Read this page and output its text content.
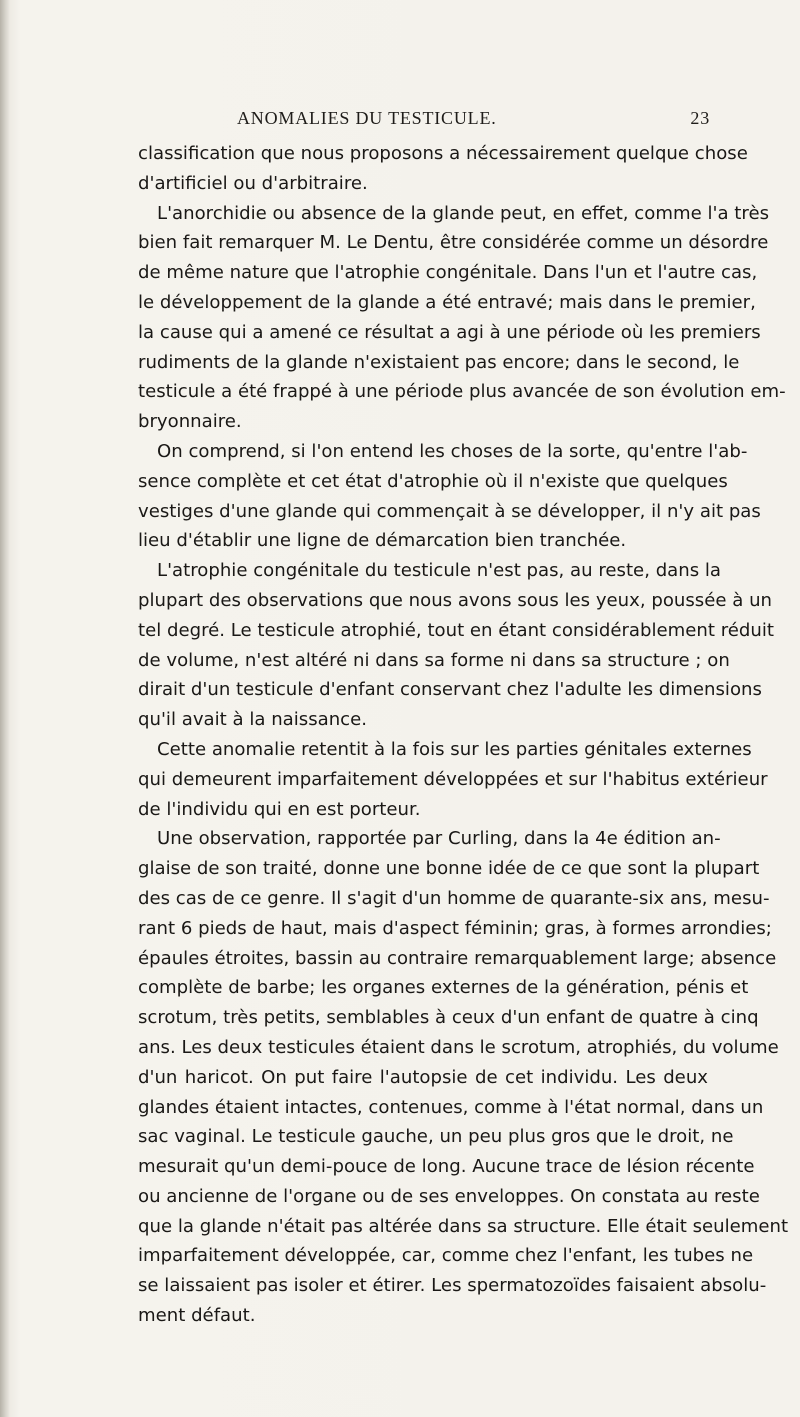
ANOMALIES DU TESTICULE.	23
classification que nous proposons a nécessairement quelque chose
d'artificiel ou d'arbitraire.
L'anorchidie ou absence de la glande peut, en effet, comme l'a très
bien fait remarquer M. Le Dentu, être considérée comme un désordre
de même nature que l'atrophie congénitale. Dans l'un et l'autre cas,
le développement de la glande a été entravé; mais dans le premier,
la cause qui a amené ce résultat a agi à une période où les premiers
rudiments de la glande n'existaient pas encore; dans le second, le
testicule a été frappé à une période plus avancée de son évolution em-
bryonnaire.
On comprend, si l'on entend les choses de la sorte, qu'entre l'ab-
sence complète et cet état d'atrophie où il n'existe que quelques
vestiges d'une glande qui commençait à se développer, il n'y ait pas
lieu d'établir une ligne de démarcation bien tranchée.
L'atrophie congénitale du testicule n'est pas, au reste, dans la
plupart des observations que nous avons sous les yeux, poussée à un
tel degré. Le testicule atrophié, tout en étant considérablement réduit
de volume, n'est altéré ni dans sa forme ni dans sa structure ; on
dirait d'un testicule d'enfant conservant chez l'adulte les dimensions
qu'il avait à la naissance.
Cette anomalie retentit à la fois sur les parties génitales externes
qui demeurent imparfaitement développées et sur l'habitus extérieur
de l'individu qui en est porteur.
Une observation, rapportée par Curling, dans la 4e édition an-
glaise de son traité, donne une bonne idée de ce que sont la plupart
des cas de ce genre. Il s'agit d'un homme de quarante-six ans, mesu-
rant 6 pieds de haut, mais d'aspect féminin; gras, à formes arrondies;
épaules étroites, bassin au contraire remarquablement large; absence
complète de barbe; les organes externes de la génération, pénis et
scrotum, très petits, semblables à ceux d'un enfant de quatre à cinq
ans. Les deux testicules étaient dans le scrotum, atrophiés, du volume
d'un haricot. On put faire l'autopsie de cet individu. Les deux
glandes étaient intactes, contenues, comme à l'état normal, dans un
sac vaginal. Le testicule gauche, un peu plus gros que le droit, ne
mesurait qu'un demi-pouce de long. Aucune trace de lésion récente
ou ancienne de l'organe ou de ses enveloppes. On constata au reste
que la glande n'était pas altérée dans sa structure. Elle était seulement
imparfaitement développée, car, comme chez l'enfant, les tubes ne
se laissaient pas isoler et étirer. Les spermatozoïdes faisaient absolu-
ment défaut.
